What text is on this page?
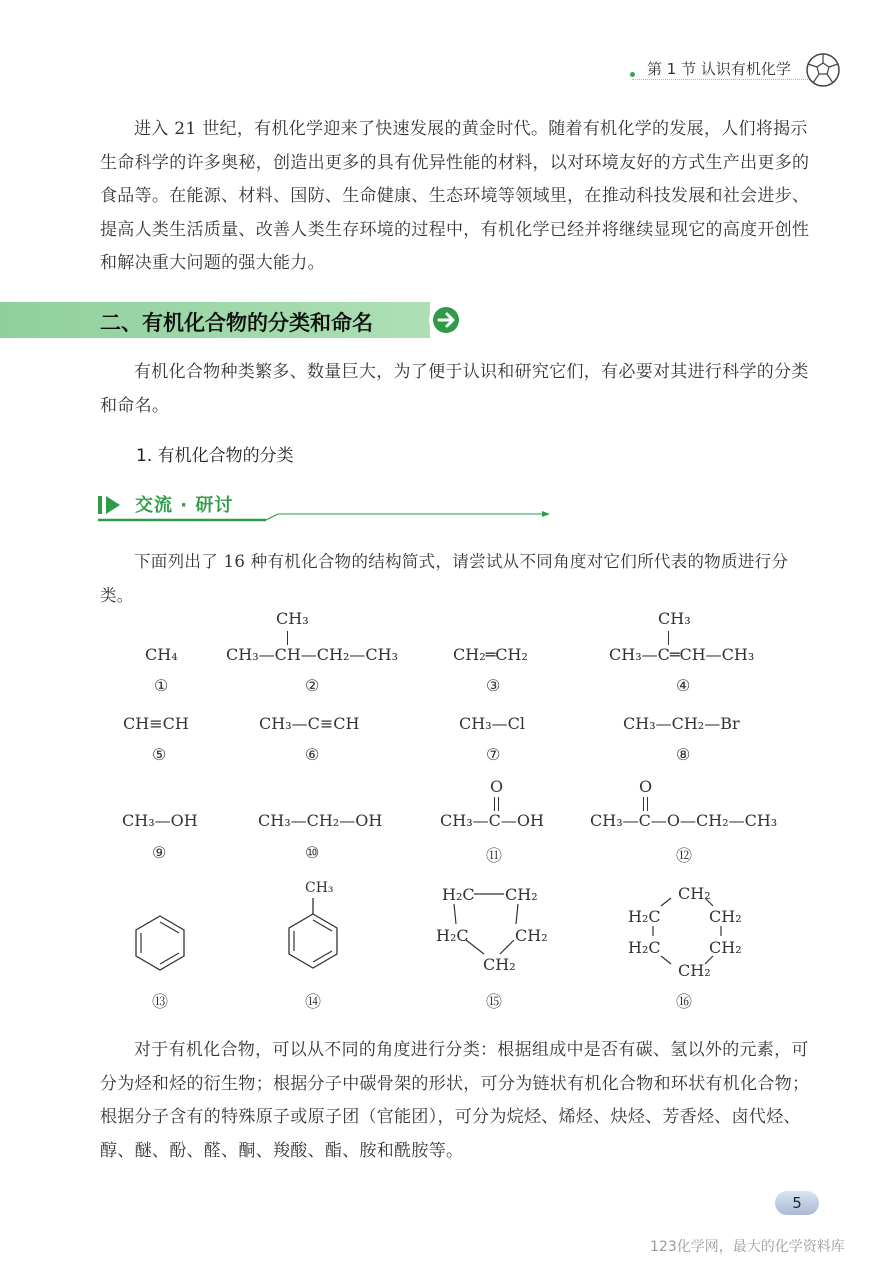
第 1 节 认识有机化学
进入 21 世纪，有机化学迎来了快速发展的黄金时代。随着有机化学的发展，人们将揭示生命科学的许多奥秘，创造出更多的具有优异性能的材料，以对环境友好的方式生产出更多的食品等。在能源、材料、国防、生命健康、生态环境等领域里，在推动科技发展和社会进步、提高人类生活质量、改善人类生存环境的过程中，有机化学已经并将继续显现它的高度开创性和解决重大问题的强大能力。
二、有机化合物的分类和命名
有机化合物种类繁多、数量巨大，为了便于认识和研究它们，有必要对其进行科学的分类和命名。
1. 有机化合物的分类
交流 · 研讨
下面列出了 16 种有机化合物的结构简式，请尝试从不同角度对它们所代表的物质进行分类。
CH₄
①
CH₃
CH₃—CH—CH₂—CH₃
②
CH₂═CH₂
③
CH₃
CH₃—C═CH—CH₃
④
CH≡CH
⑤
CH₃—C≡CH
⑥
CH₃—Cl
⑦
CH₃—CH₂—Br
⑧
CH₃—OH
⑨
CH₃—CH₂—OH
⑩
O
CH₃—C—OH
⑪
O
CH₃—C—O—CH₂—CH₃
⑫
⑬
CH₃
⑭
H₂C CH₂
H₂C	CH₂
CH₂
⑮
CH₂
H₂C	CH₂
H₂C	CH₂
CH₂
⑯
对于有机化合物，可以从不同的角度进行分类：根据组成中是否有碳、氢以外的元素，可分为烃和烃的衍生物；根据分子中碳骨架的形状，可分为链状有机化合物和环状有机化合物；根据分子含有的特殊原子或原子团（官能团），可分为烷烃、烯烃、炔烃、芳香烃、卤代烃、醇、醚、酚、醛、酮、羧酸、酯、胺和酰胺等。
5
123化学网，最大的化学资料库
